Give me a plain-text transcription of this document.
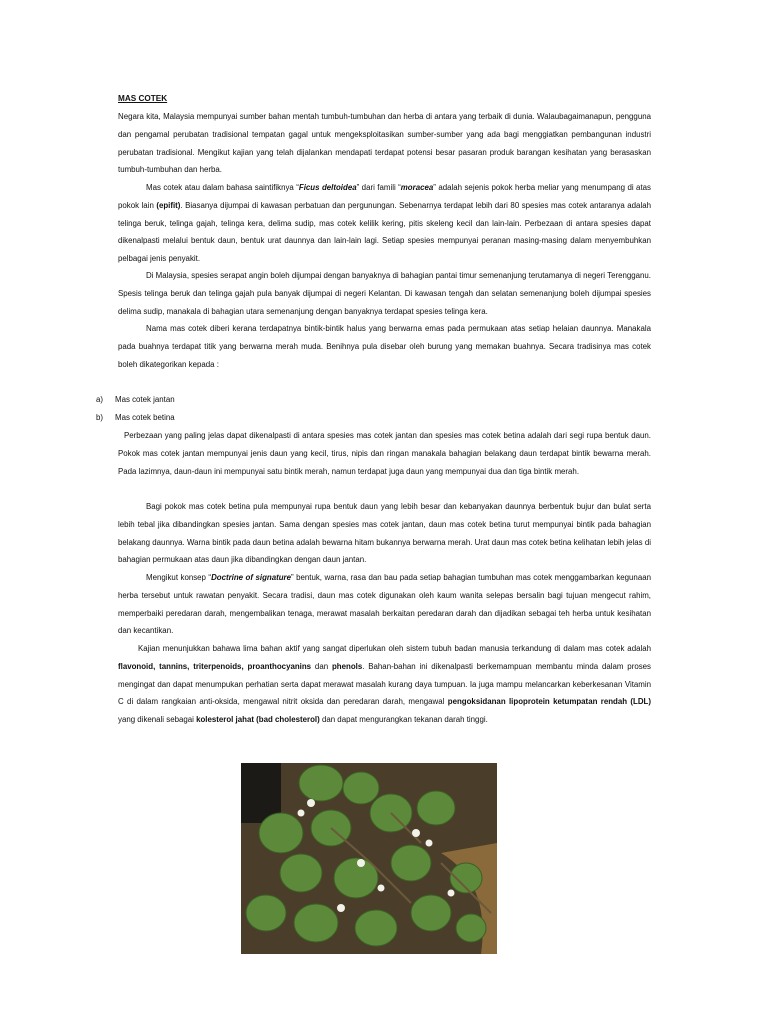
MAS COTEK

Negara kita, Malaysia mempunyai sumber bahan mentah tumbuh-tumbuhan dan herba di antara yang terbaik di dunia. Walaubagaimanapun, pengguna dan pengamal perubatan tradisional tempatan gagal untuk mengeksploitasikan sumber-sumber yang ada bagi menggiatkan pembangunan industri perubatan tradisional. Mengikut kajian yang telah dijalankan mendapati terdapat potensi besar pasaran produk barangan kesihatan yang berasaskan tumbuh-tumbuhan dan herba.

Mas cotek atau dalam bahasa saintifiknya “Ficus deltoidea” dari famili “moracea” adalah sejenis pokok herba meliar yang menumpang di atas pokok lain (epifit). Biasanya dijumpai di kawasan perbatuan dan pergunungan. Sebenarnya terdapat lebih dari 80 spesies mas cotek antaranya adalah telinga beruk, telinga gajah, telinga kera, delima sudip, mas cotek kelilik kering, pitis skeleng kecil dan lain-lain. Perbezaan di antara spesies dapat dikenalpasti melalui bentuk daun, bentuk urat daunnya dan lain-lain lagi. Setiap spesies mempunyai peranan masing-masing dalam menyembuhkan pelbagai jenis penyakit.

Di Malaysia, spesies serapat angin boleh dijumpai dengan banyaknya di bahagian pantai timur semenanjung terutamanya di negeri Terengganu. Spesis telinga beruk dan telinga gajah pula banyak dijumpai di negeri Kelantan. Di kawasan tengah dan selatan semenanjung boleh dijumpai spesies delima sudip, manakala di bahagian utara semenanjung dengan banyaknya terdapat spesies telinga kera.

Nama mas cotek diberi kerana terdapatnya bintik-bintik halus yang berwarna emas pada permukaan atas setiap helaian daunnya. Manakala pada buahnya terdapat titik yang berwarna merah muda. Benihnya pula disebar oleh burung yang memakan buahnya. Secara tradisinya mas cotek boleh dikategorikan kepada :

a)	Mas cotek jantan
b)	Mas cotek betina

Perbezaan yang paling jelas dapat dikenalpasti di antara spesies mas cotek jantan dan spesies mas cotek betina adalah dari segi rupa bentuk daun. Pokok mas cotek jantan mempunyai jenis daun yang kecil, tirus, nipis dan ringan manakala bahagian belakang daun terdapat bintik bewarna merah. Pada lazimnya, daun-daun ini mempunyai satu bintik merah, namun terdapat juga daun yang mempunyai dua dan tiga bintik merah.

Bagi pokok mas cotek betina pula mempunyai rupa bentuk daun yang lebih besar dan kebanyakan daunnya berbentuk bujur dan bulat serta lebih tebal jika dibandingkan spesies jantan. Sama dengan spesies mas cotek jantan, daun mas cotek betina turut mempunyai bintik pada bahagian belakang daunnya. Warna bintik pada daun betina adalah bewarna hitam bukannya berwarna merah. Urat daun mas cotek betina kelihatan lebih jelas di bahagian permukaan atas daun jika dibandingkan dengan daun jantan.

Mengikut konsep “Doctrine of signature” bentuk, warna, rasa dan bau pada setiap bahagian tumbuhan mas cotek menggambarkan kegunaan herba tersebut untuk rawatan penyakit. Secara tradisi, daun mas cotek digunakan oleh kaum wanita selepas bersalin bagi tujuan mengecut rahim, memperbaiki peredaran darah, mengembalikan tenaga, merawat masalah berkaitan peredaran darah dan dijadikan sebagai teh herba untuk kesihatan dan kecantikan.

Kajian menunjukkan bahawa lima bahan aktif yang sangat diperlukan oleh sistem tubuh badan manusia terkandung di dalam mas cotek adalah flavonoid, tannins, triterpenoids, proanthocyanins dan phenols. Bahan-bahan ini dikenalpasti berkemampuan membantu minda dalam proses mengingat dan dapat menumpukan perhatian serta dapat merawat masalah kurang daya tumpuan. Ia juga mampu melancarkan keberkesanan Vitamin C di dalam rangkaian anti-oksida, mengawal nitrit oksida dan peredaran darah, mengawal pengoksidanan lipoprotein ketumpatan rendah (LDL) yang dikenali sebagai kolesterol jahat (bad cholesterol) dan dapat mengurangkan tekanan darah tinggi.
